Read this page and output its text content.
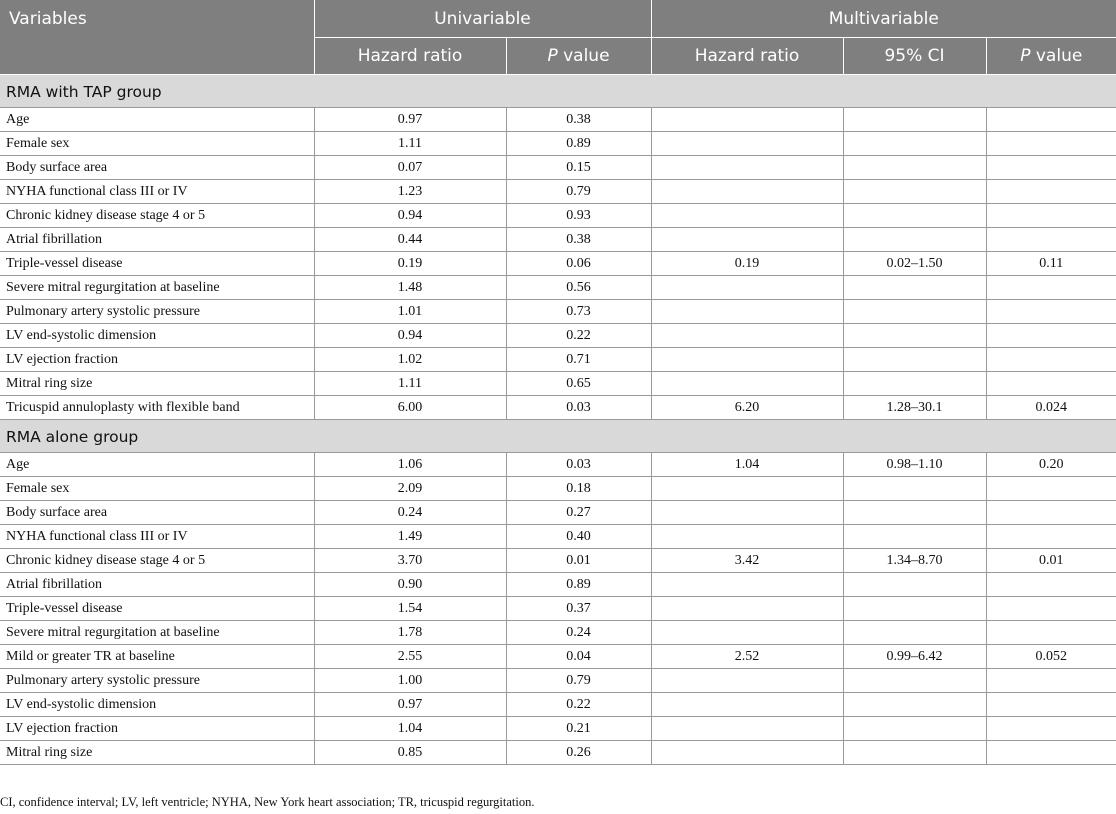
Variables	Univariable		Multivariable		
	Hazard ratio	P value	Hazard ratio	95% CI	P value
RMA with TAP group					
Age	0.97	0.38			
Female sex	1.11	0.89			
Body surface area	0.07	0.15			
NYHA functional class III or IV	1.23	0.79			
Chronic kidney disease stage 4 or 5	0.94	0.93			
Atrial fibrillation	0.44	0.38			
Triple-vessel disease	0.19	0.06	0.19	0.02–1.50	0.11
Severe mitral regurgitation at baseline	1.48	0.56			
Pulmonary artery systolic pressure	1.01	0.73			
LV end-systolic dimension	0.94	0.22			
LV ejection fraction	1.02	0.71			
Mitral ring size	1.11	0.65			
Tricuspid annuloplasty with flexible band	6.00	0.03	6.20	1.28–30.1	0.024
RMA alone group					
Age	1.06	0.03	1.04	0.98–1.10	0.20
Female sex	2.09	0.18			
Body surface area	0.24	0.27			
NYHA functional class III or IV	1.49	0.40			
Chronic kidney disease stage 4 or 5	3.70	0.01	3.42	1.34–8.70	0.01
Atrial fibrillation	0.90	0.89			
Triple-vessel disease	1.54	0.37			
Severe mitral regurgitation at baseline	1.78	0.24			
Mild or greater TR at baseline	2.55	0.04	2.52	0.99–6.42	0.052
Pulmonary artery systolic pressure	1.00	0.79			
LV end-systolic dimension	0.97	0.22			
LV ejection fraction	1.04	0.21			
Mitral ring size	0.85	0.26			
CI, confidence interval; LV, left ventricle; NYHA, New York heart association; TR, tricuspid regurgitation.
